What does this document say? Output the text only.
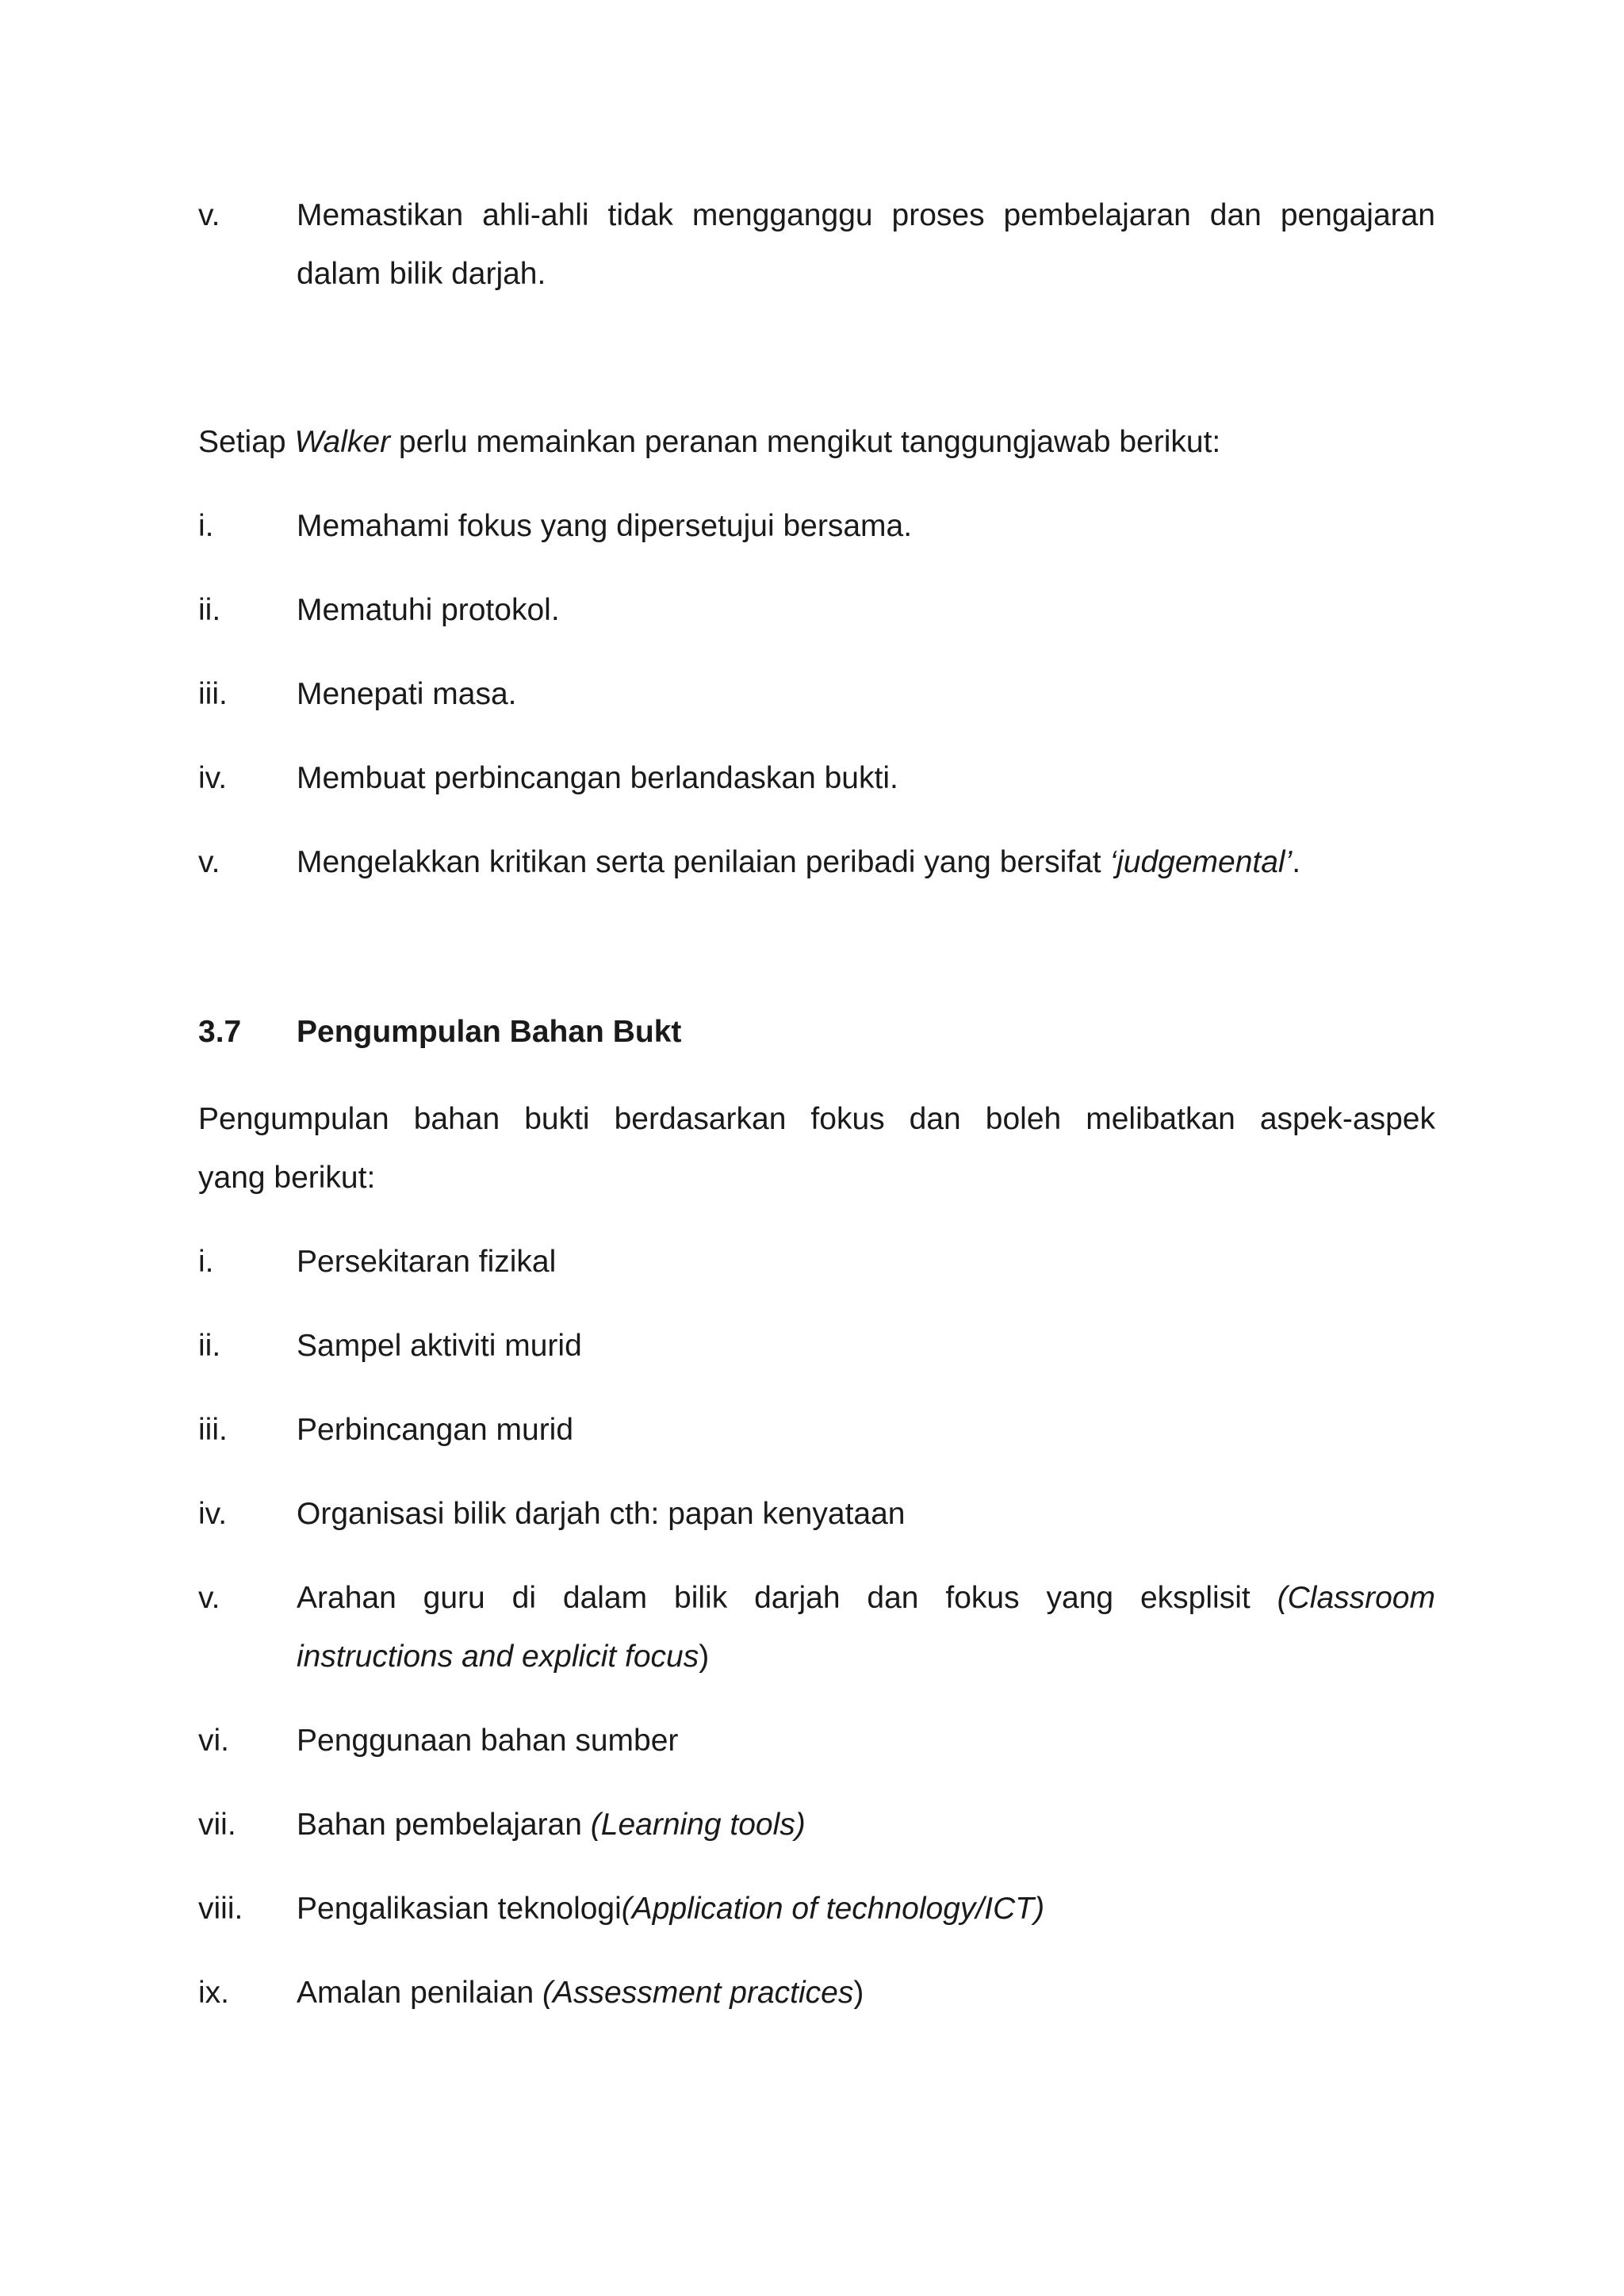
v. Memastikan ahli-ahli tidak mengganggu proses pembelajaran dan pengajaran
dalam bilik darjah.
Setiap Walker perlu memainkan peranan mengikut tanggungjawab berikut:
i.	Memahami fokus yang dipersetujui bersama.
ii. Mematuhi protokol.
iii. Menepati masa.
iv. Membuat perbincangan berlandaskan bukti.
v. Mengelakkan kritikan serta penilaian peribadi yang bersifat ‘judgemental’.
3.7 Pengumpulan Bahan Bukt
Pengumpulan bahan bukti berdasarkan fokus dan boleh melibatkan aspek-aspek
yang berikut:
i.	Persekitaran fizikal
ii. Sampel aktiviti murid
iii. Perbincangan murid
iv. Organisasi bilik darjah cth: papan kenyataan
v. Arahan guru di dalam bilik darjah dan fokus yang eksplisit (Classroom
instructions and explicit focus)
vi. Penggunaan bahan sumber
vii. Bahan pembelajaran (Learning tools)
viii. Pengalikasian teknologi(Application of technology/ICT)
ix. Amalan penilaian (Assessment practices)
